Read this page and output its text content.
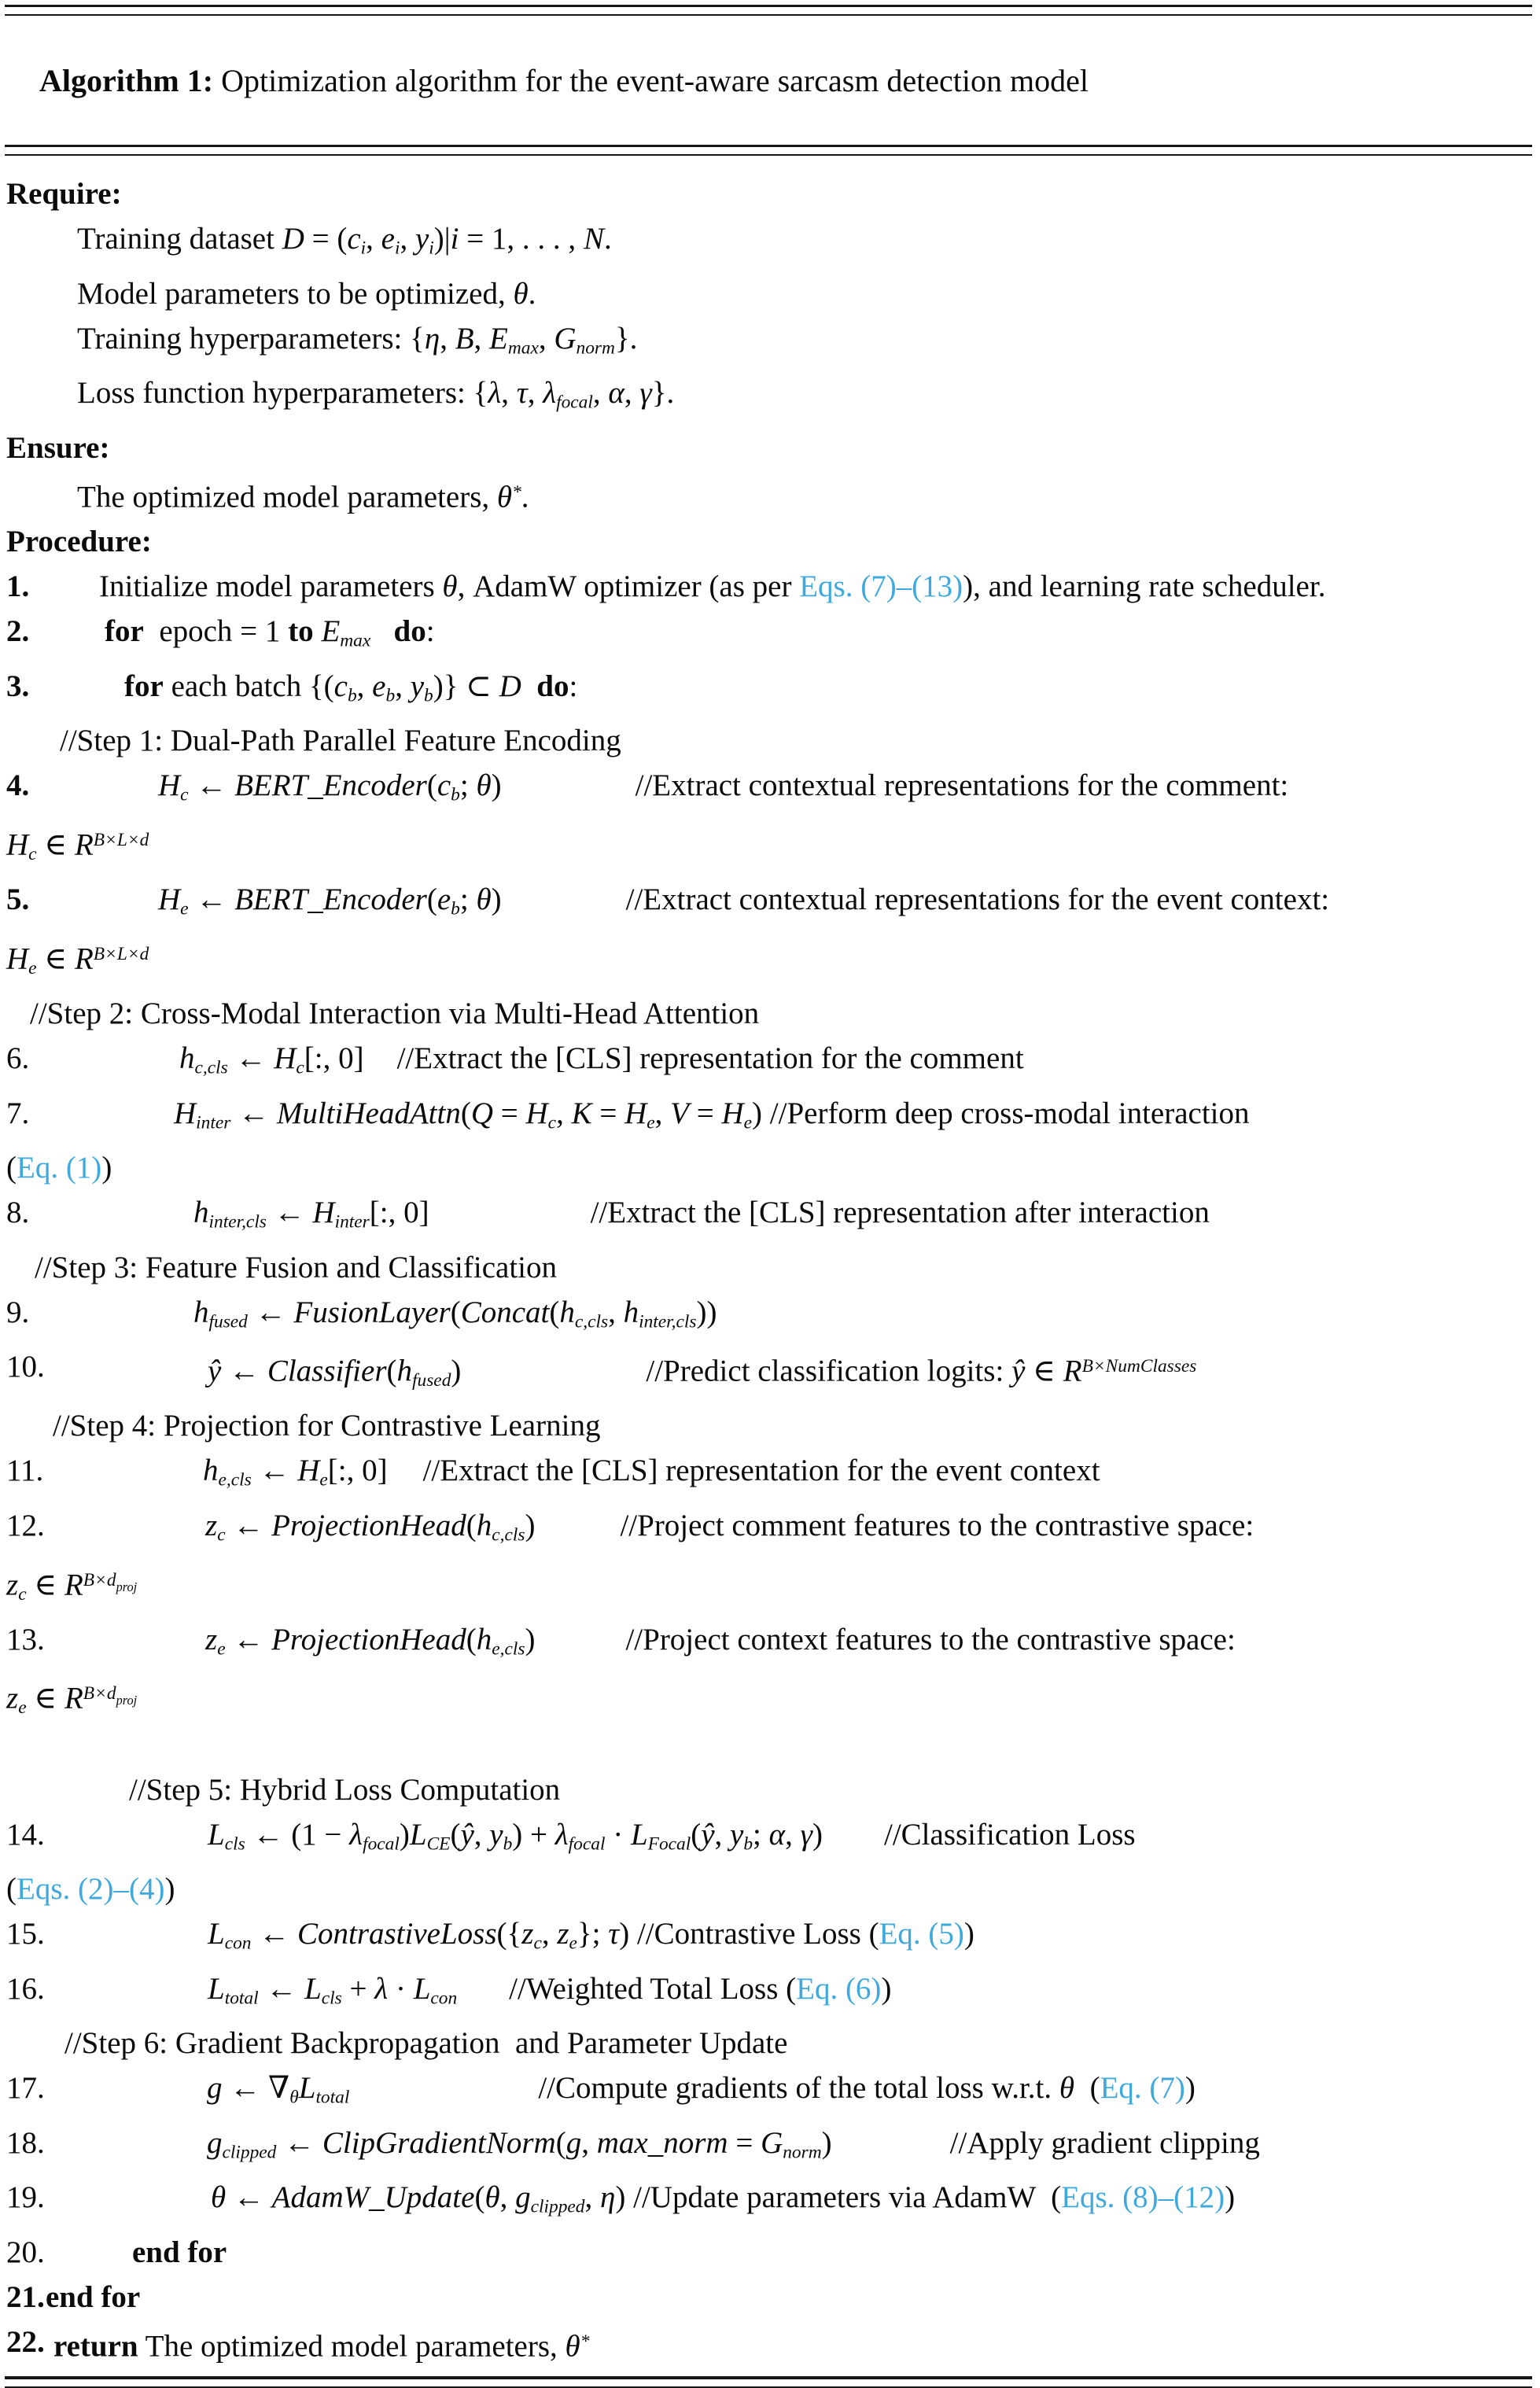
Algorithm 1: Optimization algorithm for the event-aware sarcasm detection model

Require:
Training dataset D = (ci, ei, yi)|i = 1, . . . , N.
Model parameters to be optimized, θ.
Training hyperparameters: {η, B, Emax, Gnorm}.
Loss function hyperparameters: {λ, τ, λfocal, α, γ}.
Ensure:
The optimized model parameters, θ*.
Procedure:
1. Initialize model parameters θ, AdamW optimizer (as per Eqs. (7)–(13)), and learning rate scheduler.
2. for  epoch = 1 to Emax do:
3.	for each batch {(cb, eb, yb)} ⊂ D do:
//Step 1: Dual-Path Parallel Feature Encoding
4.	Hc ← BERT_Encoder(cb; θ)	//Extract contextual representations for the comment:
Hc ∈ $R^{B\times L\times d}$
5.	He ← BERT_Encoder(eb; θ)	//Extract contextual representations for the event context:
He ∈ $R^{B\times L\times d}$
//Step 2: Cross-Modal Interaction via Multi-Head Attention
6.	hc,cls ← Hc[:, 0] //Extract the [CLS] representation for the comment
7.	Hinter ← MultiHeadAttn(Q = Hc, K = He, V = He) //Perform deep cross-modal interaction
(Eq. (1))
8.	hinter,cls ← Hinter[:, 0]	//Extract the [CLS] representation after interaction
//Step 3: Feature Fusion and Classification
9.	hfused ← FusionLayer(Concat(hc,cls, hinter,cls))
10.	ŷ ← Classifier(hfused)	//Predict classification logits: ŷ ∈ $R^{B\times NumClasses}$
//Step 4: Projection for Contrastive Learning
11.	he,cls ← He[:, 0] //Extract the [CLS] representation for the event context
12.	zc ← ProjectionHead(hc,cls)	//Project comment features to the contrastive space:
zc ∈ $R^{B\times d}proj$
13.	ze ← ProjectionHead(he,cls)	//Project context features to the contrastive space:
ze ∈ $R^{B\times d}proj$
//Step 5: Hybrid Loss Computation
14.	Lcls ← (1 − λfocal)LCE(ŷ, yb) + λfocal · LFocal(ŷ, yb; α, γ) //Classification Loss
(Eqs. (2)–(4))
15.	Lcon ← ContrastiveLoss({zc, ze}; τ) //Contrastive Loss (Eq. (5))
16.	Ltotal ← Lcls + λ · Lcon //Weighted Total Loss (Eq. (6))
//Step 6: Gradient Backpropagation  and Parameter Update
17.	g ← ∇θLtotal	//Compute gradients of the total loss w.r.t. θ  (Eq. (7))
18.	gclipped ← ClipGradientNorm(g, max_norm = Gnorm)	//Apply gradient clipping
19.	θ ← AdamW_Update(θ, gclipped, η) //Update parameters via AdamW  (Eqs. (8)–(12))
20.	end for
21. end for
22. return The optimized model parameters, θ*
